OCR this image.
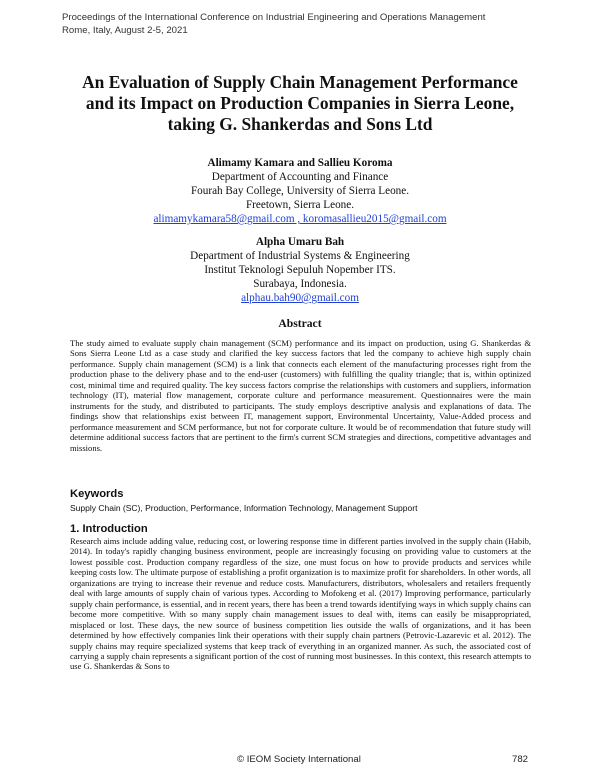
Proceedings of the International Conference on Industrial Engineering and Operations Management
Rome, Italy, August 2-5, 2021
An Evaluation of Supply Chain Management Performance
and its Impact on Production Companies in Sierra Leone,
taking G. Shankerdas and Sons Ltd
Alimamy Kamara and Sallieu Koroma
Department of Accounting and Finance
Fourah Bay College, University of Sierra Leone.
Freetown, Sierra Leone.
alimamykamara58@gmail.com , koromasallieu2015@gmail.com
Alpha Umaru Bah
Department of Industrial Systems & Engineering
Institut Teknologi Sepuluh Nopember ITS.
Surabaya, Indonesia.
alphau.bah90@gmail.com
Abstract
The study aimed to evaluate supply chain management (SCM) performance and its impact on production, using G. Shankerdas & Sons Sierra Leone Ltd as a case study and clarified the key success factors that led the company to achieve high supply chain performance. Supply chain management (SCM) is a link that connects each element of the manufacturing processes right from the production phase to the delivery phase and to the end-user (customers) with fulfilling the quality triangle; that is, within optinized cost, minimal time and required quality. The key success factors comprise the relationships with customers and suppliers, information technology (IT), material flow management, corporate culture and performance measurement. Questionnaires were the main instruments for the study, and distributed to participants. The study employs descriptive analysis and explanations of data. The findings show that relationships exist between IT, management support, Environmental Uncertainty, Value-Added process and performance measurement and SCM performance, but not for corporate culture. It would be of recommendation that future study will determine additional success factors that are pertinent to the firm's current SCM strategies and directions, competitive advantages and missions.
Keywords
Supply Chain (SC), Production, Performance, Information Technology, Management Support
1. Introduction
Research aims include adding value, reducing cost, or lowering response time in different parties involved in the supply chain (Habib, 2014). In today's rapidly changing business environment, people are increasingly focusing on providing value to customers at the lowest possible cost. Production company regardless of the size, one must focus on how to provide products and services while keeping costs low. The ultimate purpose of establishing a profit organization is to maximize profit for shareholders. In other words, all organizations are trying to increase their revenue and reduce costs. Manufacturers, distributors, wholesalers and retailers frequently deal with large amounts of supply chain of various types. According to Mofokeng et al. (2017) Improving performance, particularly supply chain performance, is essential, and in recent years, there has been a trend towards identifying ways in which supply chains can become more competitive. With so many supply chain management issues to deal with, items can easily be misappropriated, misplaced or lost. These days, the new source of business competition lies outside the walls of organizations, and it has been determined by how effectively companies link their operations with their supply chain partners (Petrovic-Lazarevic et al. 2012). The supply chains may require specialized systems that keep track of everything in an organized manner. As such, the associated cost of carrying a supply chain represents a significant portion of the cost of running most businesses. In this context, this research attempts to use G. Shankerdas & Sons to
© IEOM Society International	782
